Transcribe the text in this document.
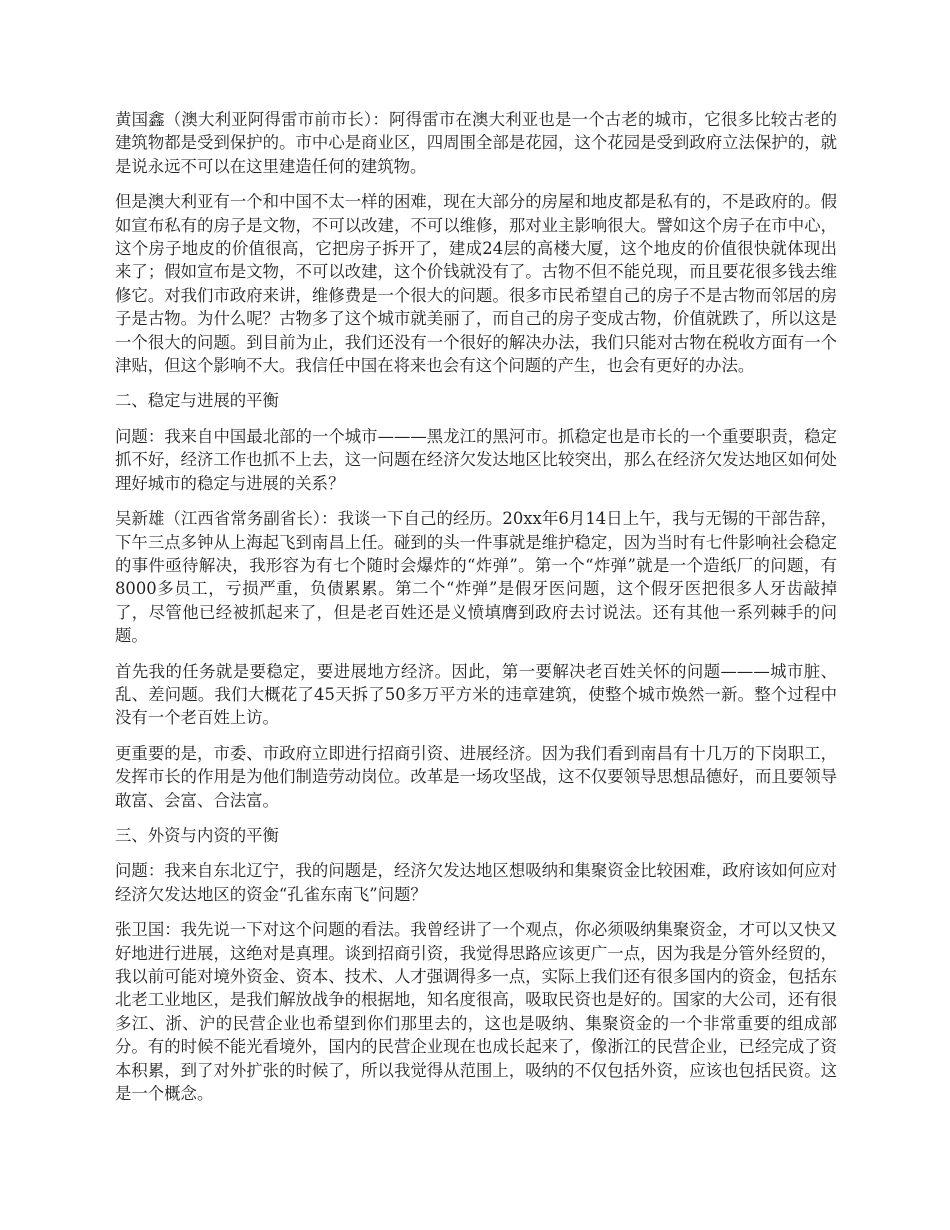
黄国鑫（澳大利亚阿得雷市前市长）：阿得雷市在澳大利亚也是一个古老的城市，它很多比较古老的建筑物都是受到保护的。市中心是商业区，四周围全部是花园，这个花园是受到政府立法保护的，就是说永远不可以在这里建造任何的建筑物。

但是澳大利亚有一个和中国不太一样的困难，现在大部分的房屋和地皮都是私有的，不是政府的。假如宣布私有的房子是文物，不可以改建，不可以维修，那对业主影响很大。譬如这个房子在市中心，这个房子地皮的价值很高，它把房子拆开了，建成24层的高楼大厦，这个地皮的价值很快就体现出来了；假如宣布是文物，不可以改建，这个价钱就没有了。古物不但不能兑现，而且要花很多钱去维修它。对我们市政府来讲，维修费是一个很大的问题。很多市民希望自己的房子不是古物而邻居的房子是古物。为什么呢？古物多了这个城市就美丽了，而自己的房子变成古物，价值就跌了，所以这是一个很大的问题。到目前为止，我们还没有一个很好的解决办法，我们只能对古物在税收方面有一个津贴，但这个影响不大。我信任中国在将来也会有这个问题的产生，也会有更好的办法。

二、稳定与进展的平衡

问题：我来自中国最北部的一个城市———黑龙江的黑河市。抓稳定也是市长的一个重要职责，稳定抓不好，经济工作也抓不上去，这一问题在经济欠发达地区比较突出，那么在经济欠发达地区如何处理好城市的稳定与进展的关系？

吴新雄（江西省常务副省长）：我谈一下自己的经历。20xx年6月14日上午，我与无锡的干部告辞，下午三点多钟从上海起飞到南昌上任。碰到的头一件事就是维护稳定，因为当时有七件影响社会稳定的事件亟待解决，我形容为有七个随时会爆炸的“炸弹”。第一个“炸弹”就是一个造纸厂的问题，有8000多员工，亏损严重，负债累累。第二个“炸弹”是假牙医问题，这个假牙医把很多人牙齿敲掉了，尽管他已经被抓起来了，但是老百姓还是义愤填膺到政府去讨说法。还有其他一系列棘手的问题。

首先我的任务就是要稳定，要进展地方经济。因此，第一要解决老百姓关怀的问题———城市脏、乱、差问题。我们大概花了45天拆了50多万平方米的违章建筑，使整个城市焕然一新。整个过程中没有一个老百姓上访。

更重要的是，市委、市政府立即进行招商引资、进展经济。因为我们看到南昌有十几万的下岗职工，发挥市长的作用是为他们制造劳动岗位。改革是一场攻坚战，这不仅要领导思想品德好，而且要领导敢富、会富、合法富。

三、外资与内资的平衡

问题：我来自东北辽宁，我的问题是，经济欠发达地区想吸纳和集聚资金比较困难，政府该如何应对经济欠发达地区的资金“孔雀东南飞”问题？

张卫国：我先说一下对这个问题的看法。我曾经讲了一个观点，你必须吸纳集聚资金，才可以又快又好地进行进展，这绝对是真理。谈到招商引资，我觉得思路应该更广一点，因为我是分管外经贸的，我以前可能对境外资金、资本、技术、人才强调得多一点，实际上我们还有很多国内的资金，包括东北老工业地区，是我们解放战争的根据地，知名度很高，吸取民资也是好的。国家的大公司，还有很多江、浙、沪的民营企业也希望到你们那里去的，这也是吸纳、集聚资金的一个非常重要的组成部分。有的时候不能光看境外，国内的民营企业现在也成长起来了，像浙江的民营企业，已经完成了资本积累，到了对外扩张的时候了，所以我觉得从范围上，吸纳的不仅包括外资，应该也包括民资。这是一个概念。
